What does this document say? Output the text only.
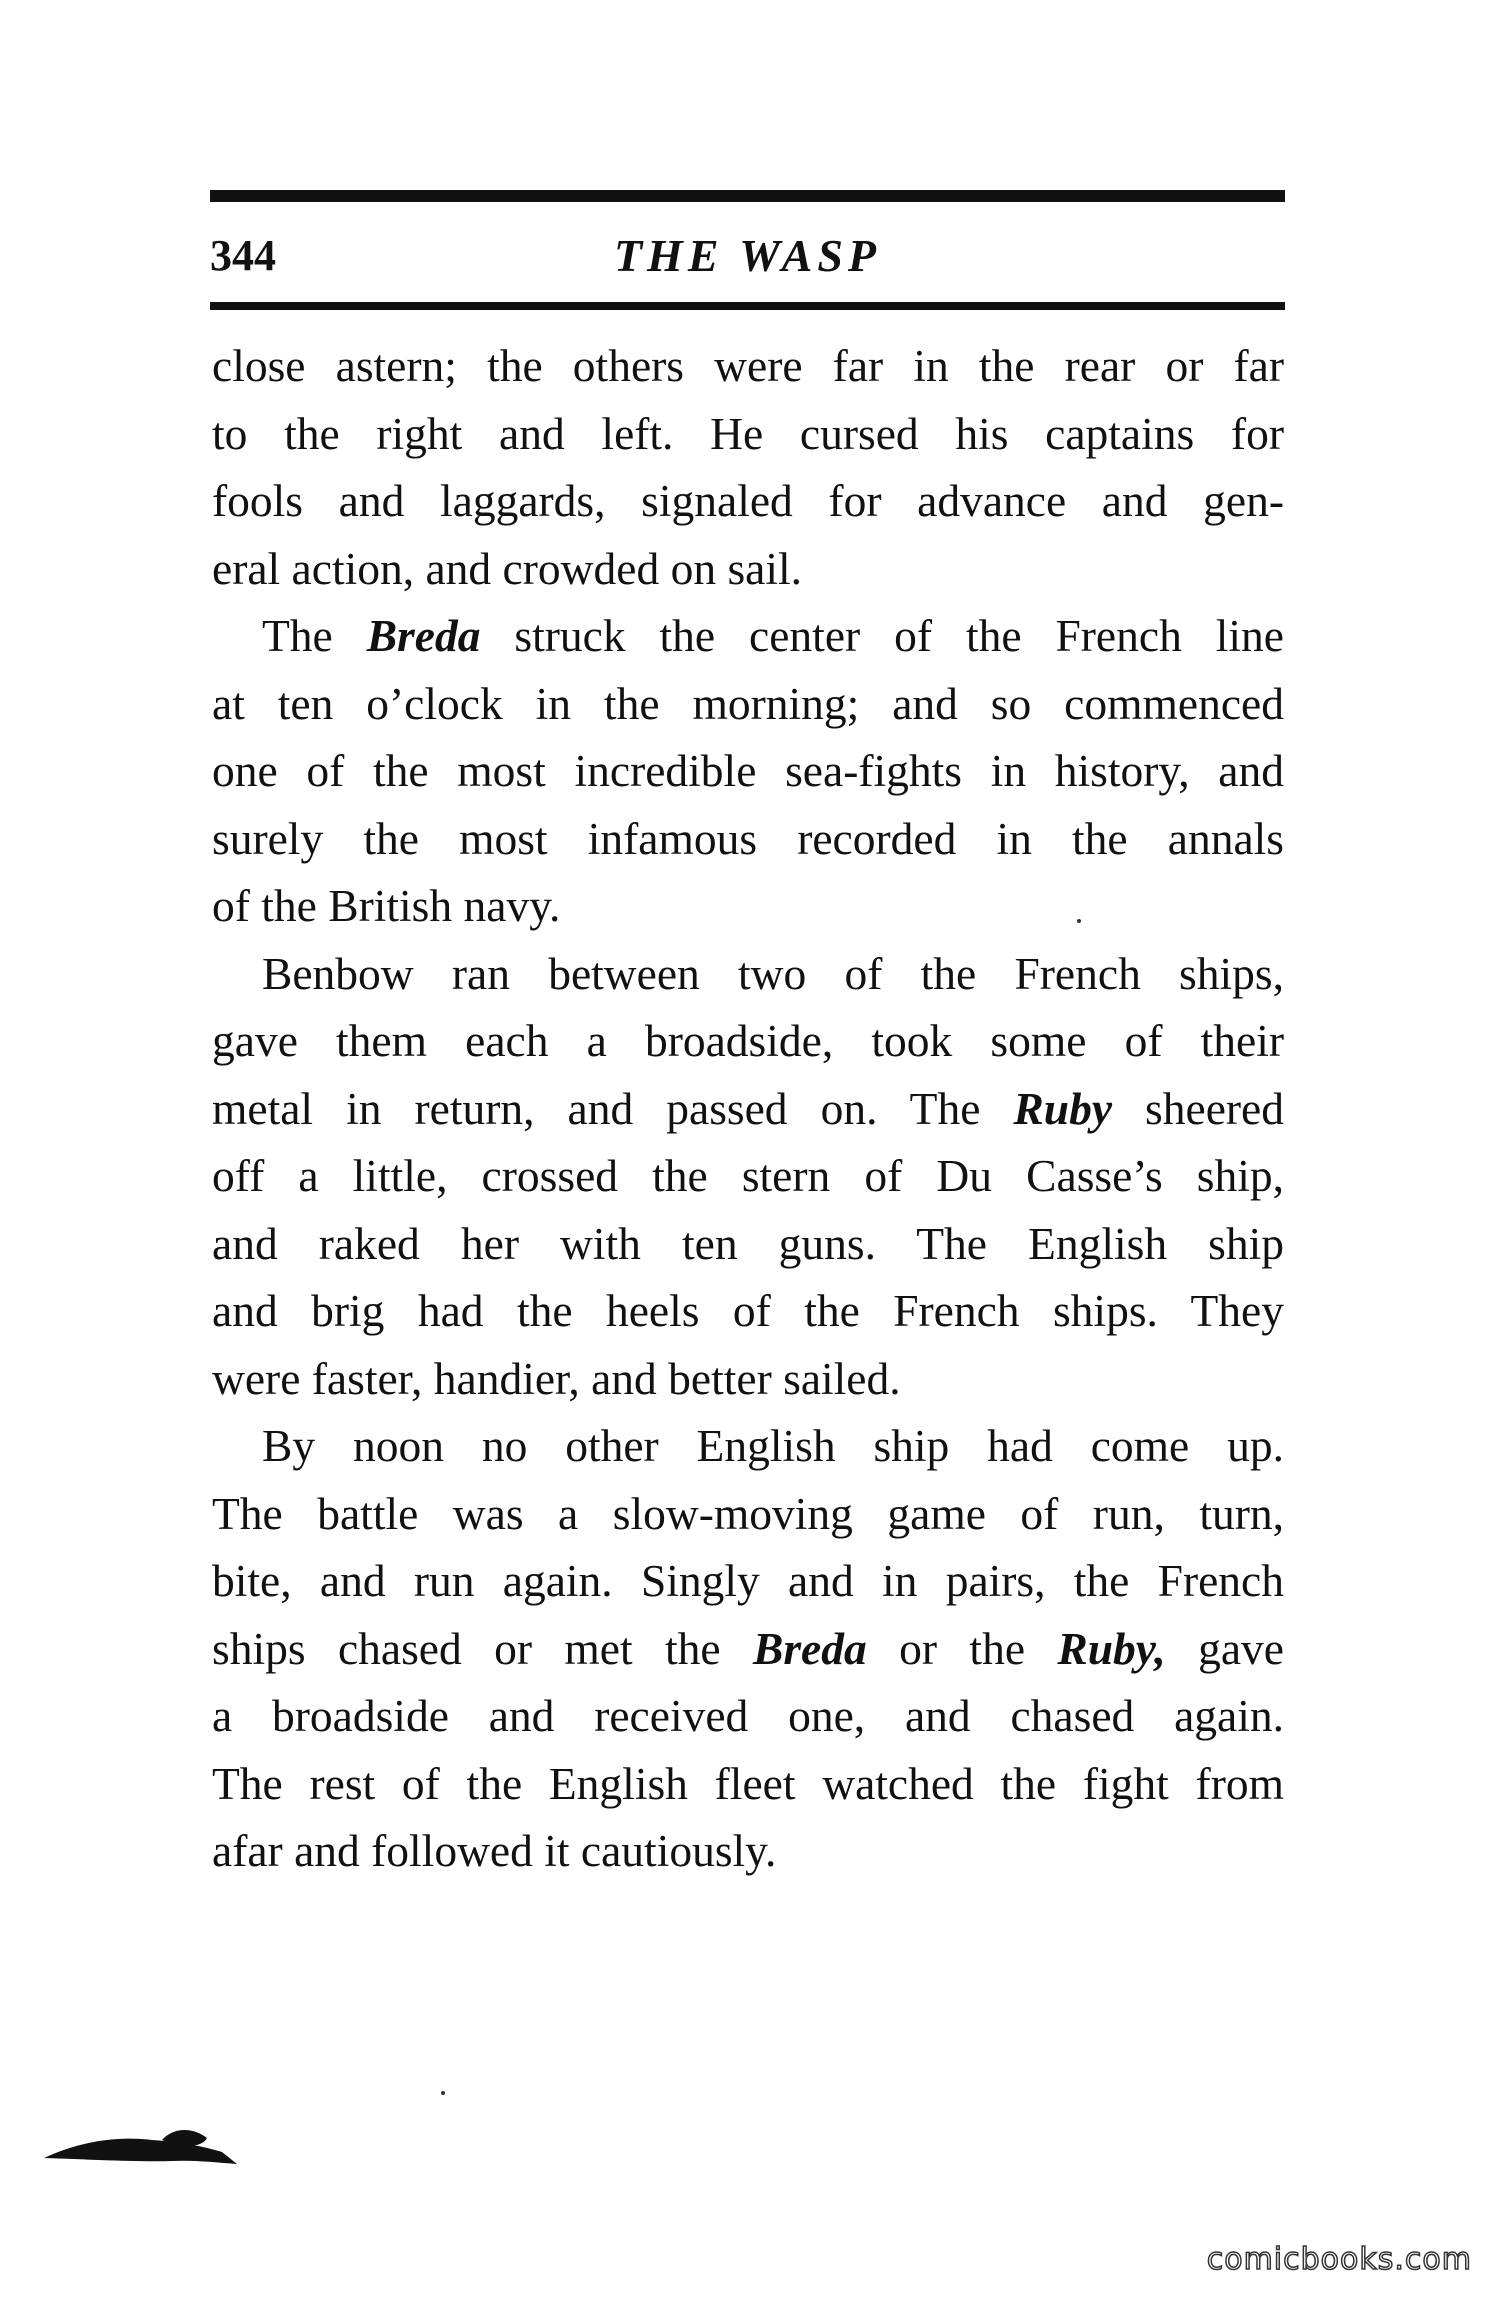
344	THE WASP
close astern; the others were far in the rear or far
to the right and left. He cursed his captains for
fools and laggards, signaled for advance and gen-
eral action, and crowded on sail.
The Breda struck the center of the French line
at ten o’clock in the morning; and so commenced
one of the most incredible sea-fights in history, and
surely the most infamous recorded in the annals
of the British navy.
Benbow ran between two of the French ships,
gave them each a broadside, took some of their
metal in return, and passed on. The Ruby sheered
off a little, crossed the stern of Du Casse’s ship,
and raked her with ten guns. The English ship
and brig had the heels of the French ships. They
were faster, handier, and better sailed.
By noon no other English ship had come up.
The battle was a slow-moving game of run, turn,
bite, and run again. Singly and in pairs, the French
ships chased or met the Breda or the Ruby, gave
a broadside and received one, and chased again.
The rest of the English fleet watched the fight from
afar and followed it cautiously.
comicbooks.com
